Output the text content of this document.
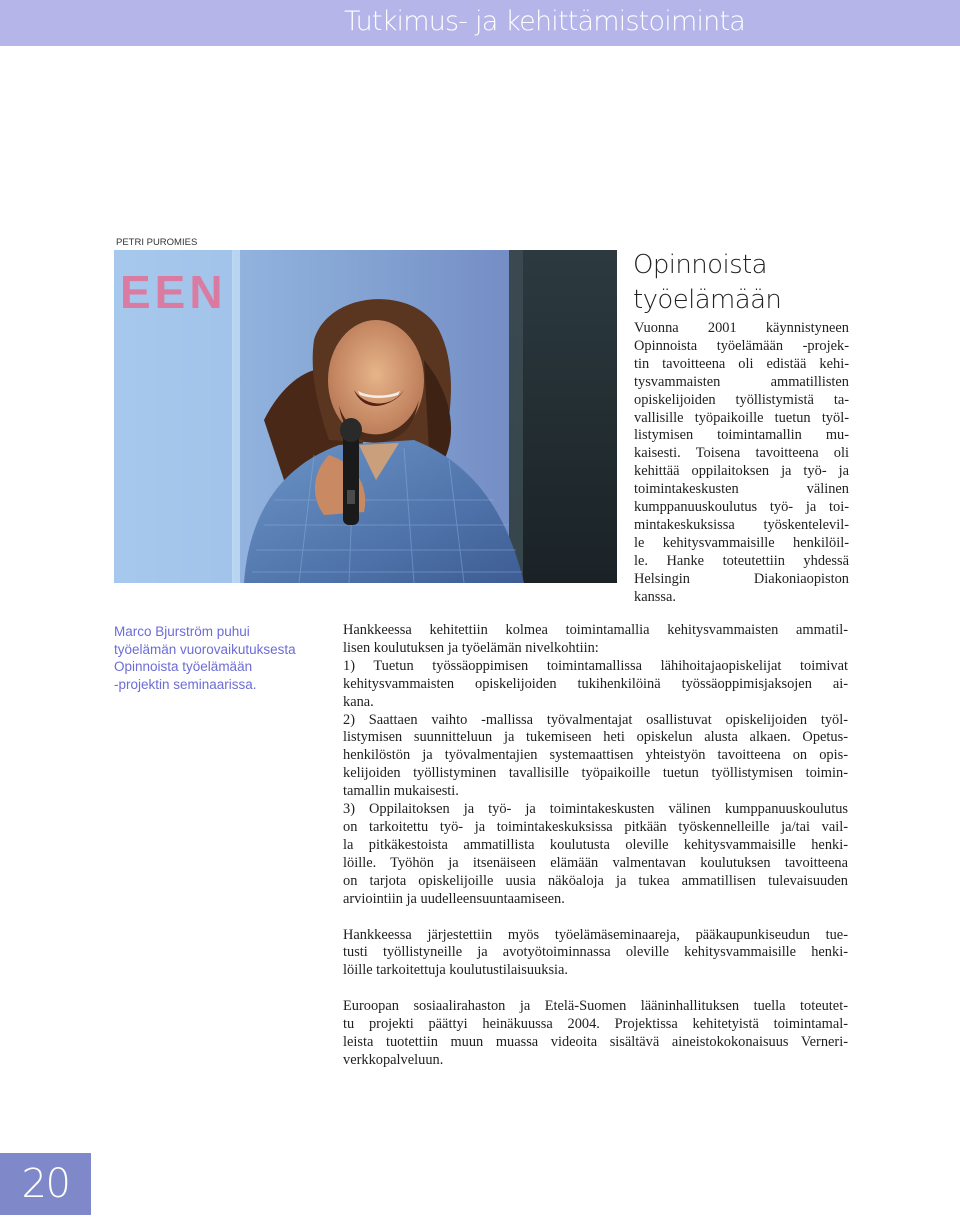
Tutkimus- ja kehittämistoiminta
PETRI PUROMIES
EEN
Marco Bjurström puhui
työelämän vuorovaikutuksesta
Opinnoista työelämään
-projektin seminaarissa.
Opinnoista
työelämään
Vuonna 2001 käynnistyneen
Opinnoista työelämään -projek-
tin tavoitteena oli edistää kehi-
tysvammaisten ammatillisten
opiskelijoiden työllistymistä ta-
vallisille työpaikoille tuetun työl-
listymisen toimintamallin mu-
kaisesti. Toisena tavoitteena oli
kehittää oppilaitoksen ja työ- ja
toimintakeskusten välinen
kumppanuuskoulutus työ- ja toi-
mintakeskuksissa työskentelevil-
le kehitysvammaisille henkilöil-
le. Hanke toteutettiin yhdessä
Helsingin Diakoniaopiston
kanssa.
Hankkeessa kehitettiin kolmea toimintamallia kehitysvammaisten ammatil-
lisen koulutuksen ja työelämän nivelkohtiin:
1) Tuetun työssäoppimisen toimintamallissa lähihoitajaopiskelijat toimivat
kehitysvammaisten opiskelijoiden tukihenkilöinä työssäoppimisjaksojen ai-
kana.
2) Saattaen vaihto -mallissa työvalmentajat osallistuvat opiskelijoiden työl-
listymisen suunnitteluun ja tukemiseen heti opiskelun alusta alkaen. Opetus-
henkilöstön ja työvalmentajien systemaattisen yhteistyön tavoitteena on opis-
kelijoiden työllistyminen tavallisille työpaikoille tuetun työllistymisen toimin-
tamallin mukaisesti.
3) Oppilaitoksen ja työ- ja toimintakeskusten välinen kumppanuuskoulutus
on tarkoitettu työ- ja toimintakeskuksissa pitkään työskennelleille ja/tai vail-
la pitkäkestoista ammatillista koulutusta oleville kehitysvammaisille henki-
löille. Työhön ja itsenäiseen elämään valmentavan koulutuksen tavoitteena
on tarjota opiskelijoille uusia näköaloja ja tukea ammatillisen tulevaisuuden
arviointiin ja uudelleensuuntaamiseen.
Hankkeessa järjestettiin myös työelämäseminaareja, pääkaupunkiseudun tue-
tusti työllistyneille ja avotyötoiminnassa oleville kehitysvammaisille henki-
löille tarkoitettuja koulutustilaisuuksia.
Euroopan sosiaalirahaston ja Etelä-Suomen lääninhallituksen tuella toteutet-
tu projekti päättyi heinäkuussa 2004. Projektissa kehitetyistä toimintamal-
leista tuotettiin muun muassa videoita sisältävä aineistokokonaisuus Verneri-
verkkopalveluun.
20
